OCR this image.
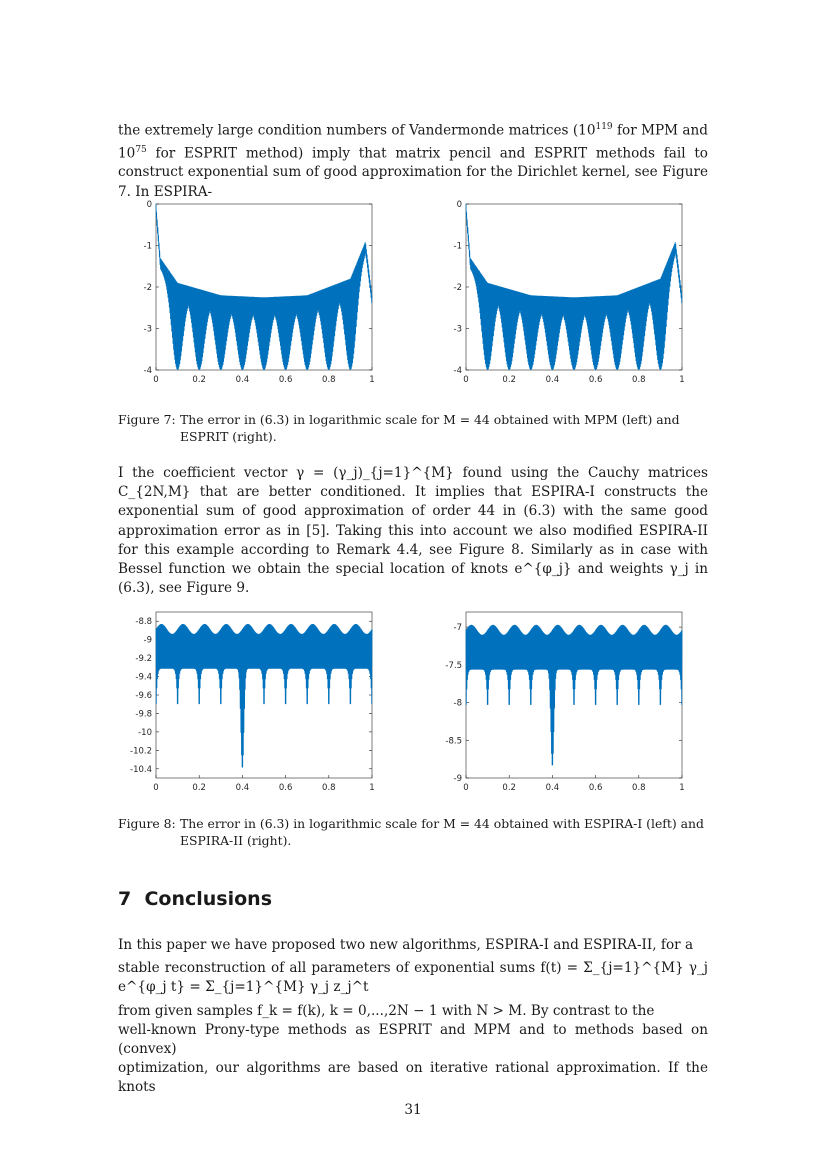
the extremely large condition numbers of Vandermonde matrices ($10^{119}$ for MPM and $10^{75}$ for ESPRIT method) imply that matrix pencil and ESPRIT methods fail to construct exponential sum of good approximation for the Dirichlet kernel, see Figure 7. In ESPIRA-
0
-1
-2
-3
-4
0	0.2	0.4	0.6	0.8	1
0
-1
-2
-3
-4
0	0.2	0.4	0.6	0.8	1
Figure 7: The error in (6.3) in logarithmic scale for M = 44 obtained with MPM (left) and
ESPRIT (right).
I the coefficient vector γ = (γ_j)_{j=1}^{M} found using the Cauchy matrices C_{2N,M} that are better conditioned. It implies that ESPIRA-I constructs the exponential sum of good approximation of order 44 in (6.3) with the same good approximation error as in [5]. Taking this into account we also modified ESPIRA-II for this example according to Remark 4.4, see Figure 8. Similarly as in case with Bessel function we obtain the special location of knots e^{φ_j} and weights γ_j in (6.3), see Figure 9.
-8.8
-9
-9.2
-9.4
-9.6
-9.8
-10
-10.2
-10.4
0	0.2	0.4	0.6	0.8	1
-7
-7.5
-8
-8.5
-9
0	0.2	0.4	0.6	0.8	1
Figure 8: The error in (6.3) in logarithmic scale for M = 44 obtained with ESPIRA-I (left) and
ESPIRA-II (right).
7 Conclusions
In this paper we have proposed two new algorithms, ESPIRA-I and ESPIRA-II, for a
stable reconstruction of all parameters of exponential sums f(t) = Σ_{j=1}^{M} γ_j e^{φ_j t} = Σ_{j=1}^{M} γ_j z_j^t
from given samples f_k = f(k), k = 0,...,2N − 1 with N > M. By contrast to the
well-known Prony-type methods as ESPRIT and MPM and to methods based on (convex)
optimization, our algorithms are based on iterative rational approximation. If the knots
31
